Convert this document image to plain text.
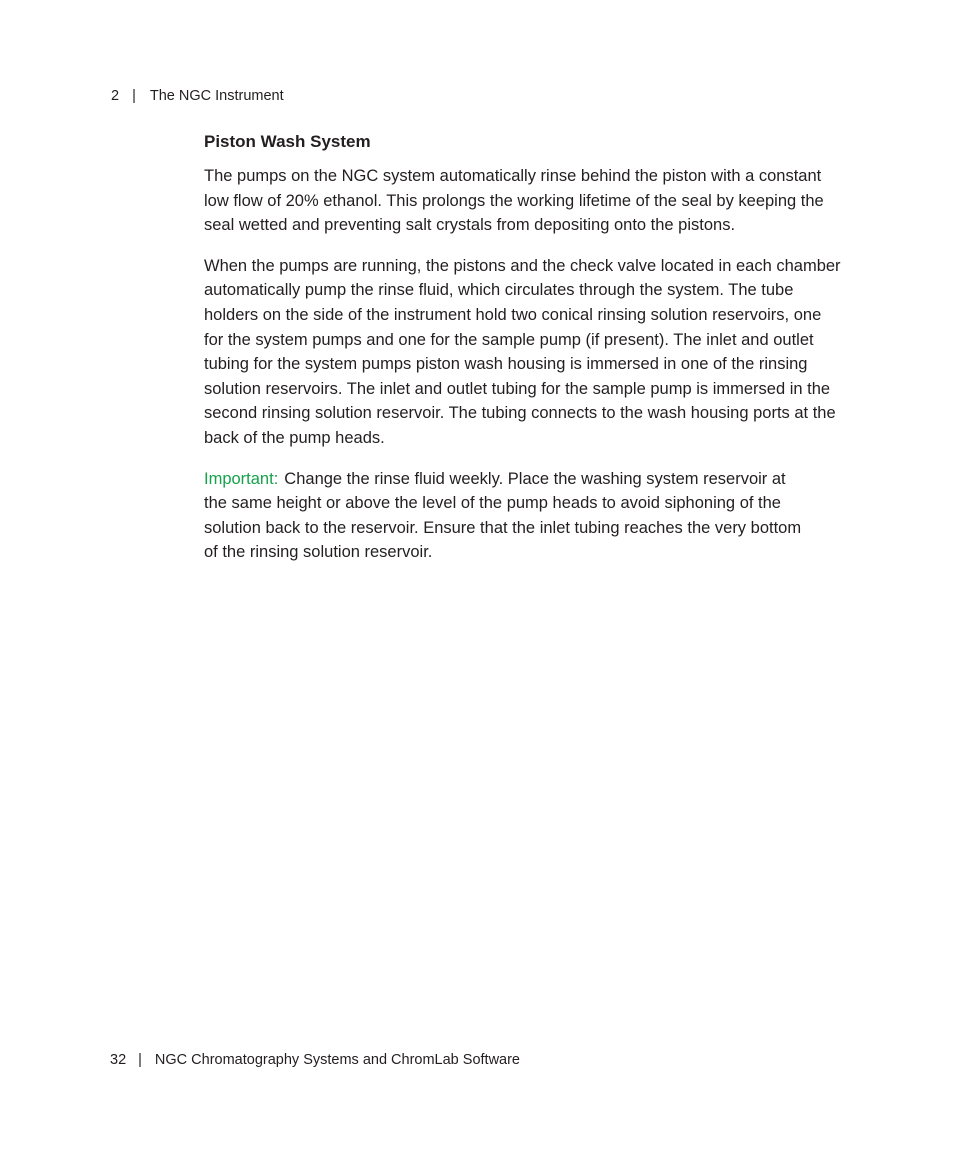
2 | The NGC Instrument
Piston Wash System

The pumps on the NGC system automatically rinse behind the piston with a constant low flow of 20% ethanol. This prolongs the working lifetime of the seal by keeping the seal wetted and preventing salt crystals from depositing onto the pistons.

When the pumps are running, the pistons and the check valve located in each chamber automatically pump the rinse fluid, which circulates through the system. The tube holders on the side of the instrument hold two conical rinsing solution reservoirs, one for the system pumps and one for the sample pump (if present). The inlet and outlet tubing for the system pumps piston wash housing is immersed in one of the rinsing solution reservoirs. The inlet and outlet tubing for the sample pump is immersed in the second rinsing solution reservoir. The tubing connects to the wash housing ports at the back of the pump heads.

Important: Change the rinse fluid weekly. Place the washing system reservoir at the same height or above the level of the pump heads to avoid siphoning of the solution back to the reservoir. Ensure that the inlet tubing reaches the very bottom of the rinsing solution reservoir.

32 | NGC Chromatography Systems and ChromLab Software
